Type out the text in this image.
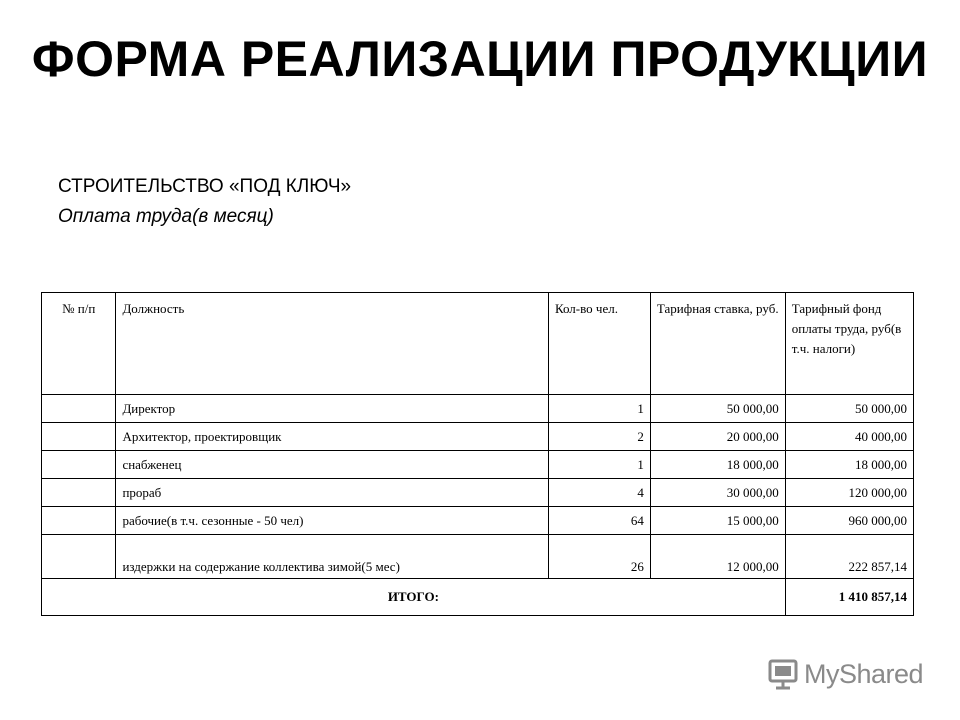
ФОРМА РЕАЛИЗАЦИИ ПРОДУКЦИИ
СТРОИТЕЛЬСТВО «ПОД КЛЮЧ»
Оплата труда(в месяц)
№ п/п	Должность	Кол-во чел.	Тарифная ставка, руб.	Тарифный фонд оплаты труда, руб(в т.ч. налоги)
	Директор	1	50 000,00	50 000,00
	Архитектор, проектировщик	2	20 000,00	40 000,00
	снабженец	1	18 000,00	18 000,00
	прораб	4	30 000,00	120 000,00
	рабочие(в т.ч. сезонные - 50 чел)	64	15 000,00	960 000,00
	издержки на содержание коллектива зимой(5 мес)	26	12 000,00	222 857,14
ИТОГО:				1 410 857,14
MyShared
